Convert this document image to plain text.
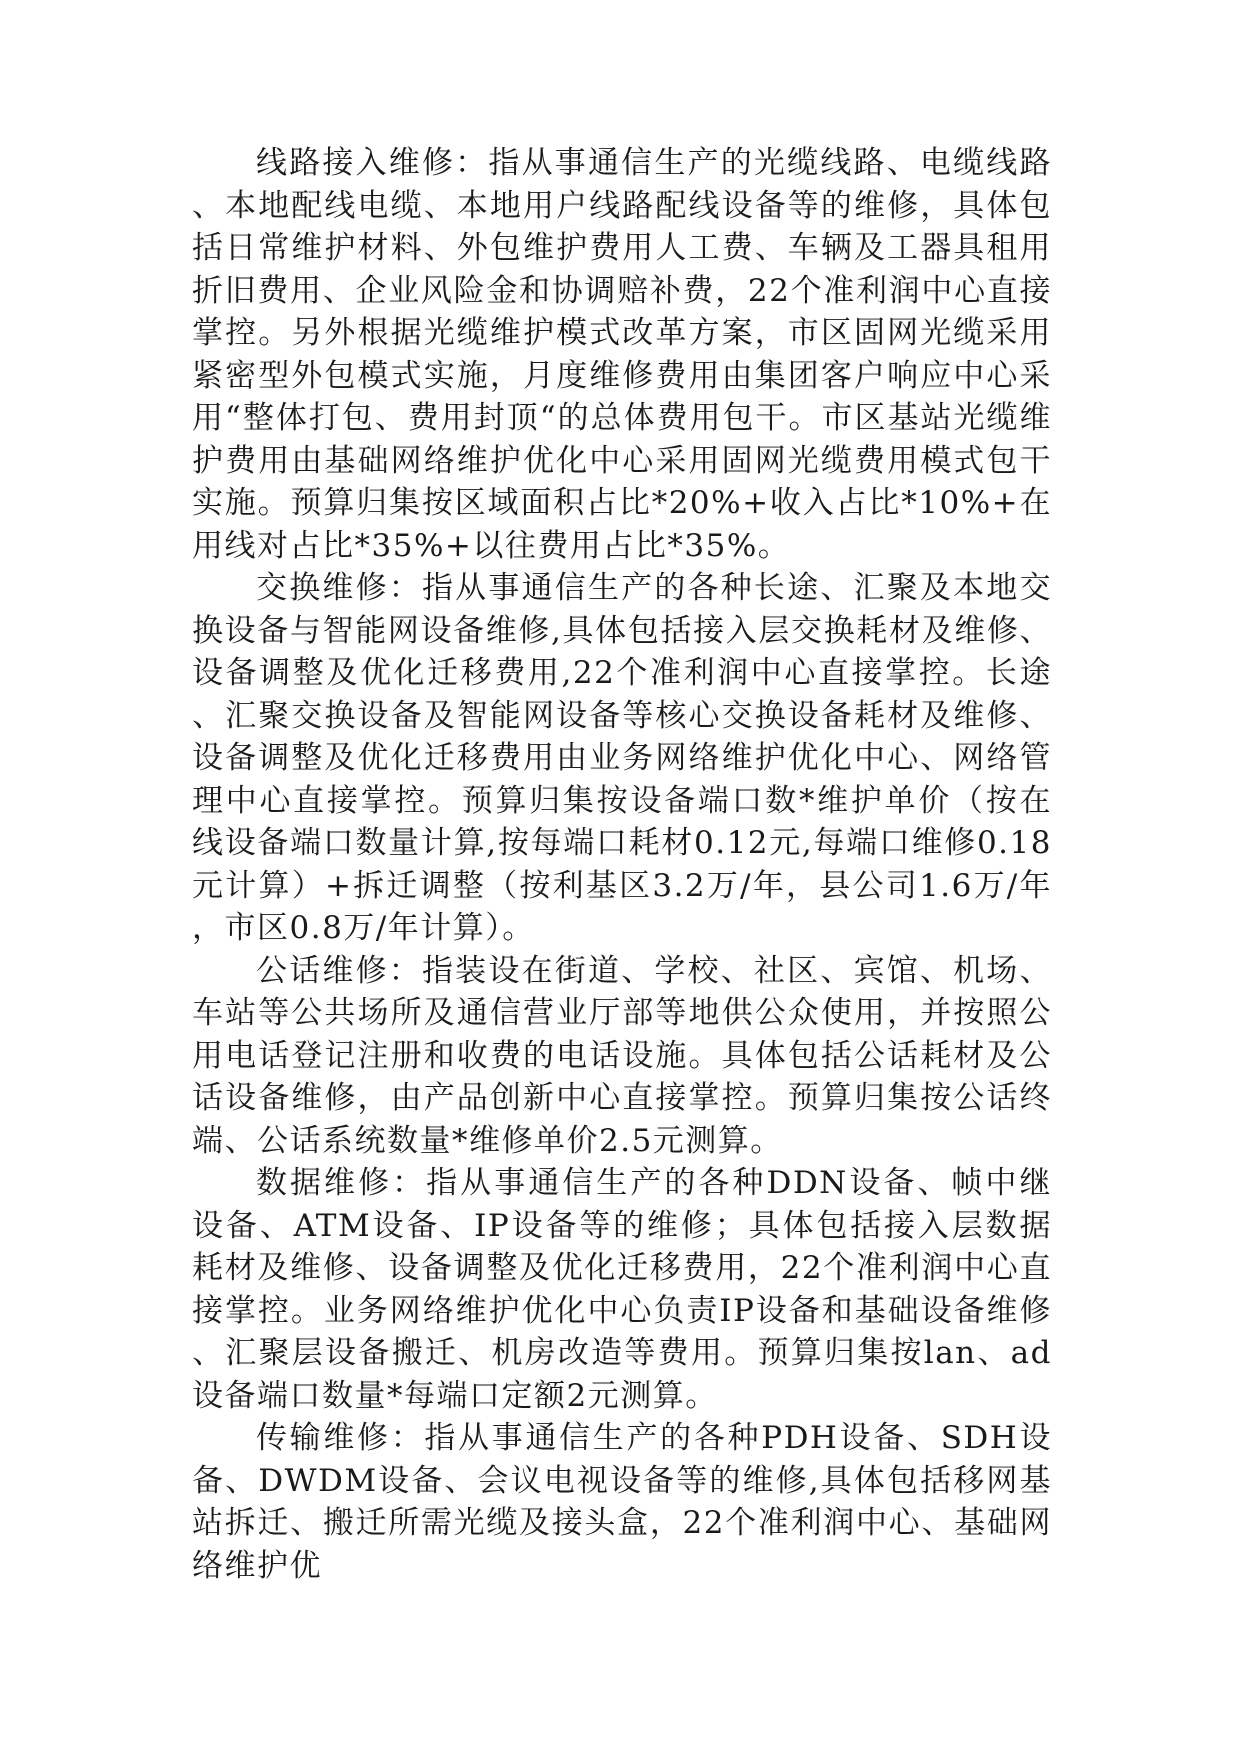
线路接入维修：指从事通信生产的光缆线路、电缆线路、本地配线电缆、本地用户线路配线设备等的维修，具体包括日常维护材料、外包维护费用人工费、车辆及工器具租用折旧费用、企业风险金和协调赔补费，22个准利润中心直接掌控。另外根据光缆维护模式改革方案，市区固网光缆采用紧密型外包模式实施，月度维修费用由集团客户响应中心采用“整体打包、费用封顶“的总体费用包干。市区基站光缆维护费用由基础网络维护优化中心采用固网光缆费用模式包干实施。预算归集按区域面积占比*20%+收入占比*10%+在用线对占比*35%+以往费用占比*35%。

交换维修：指从事通信生产的各种长途、汇聚及本地交换设备与智能网设备维修,具体包括接入层交换耗材及维修、设备调整及优化迁移费用,22个准利润中心直接掌控。长途、汇聚交换设备及智能网设备等核心交换设备耗材及维修、设备调整及优化迁移费用由业务网络维护优化中心、网络管理中心直接掌控。预算归集按设备端口数*维护单价（按在线设备端口数量计算,按每端口耗材0.12元,每端口维修0.18元计算）+拆迁调整（按利基区3.2万/年，县公司1.6万/年，市区0.8万/年计算）。

公话维修：指装设在街道、学校、社区、宾馆、机场、车站等公共场所及通信营业厅部等地供公众使用，并按照公用电话登记注册和收费的电话设施。具体包括公话耗材及公话设备维修，由产品创新中心直接掌控。预算归集按公话终端、公话系统数量*维修单价2.5元测算。

数据维修：指从事通信生产的各种DDN设备、帧中继设备、ATM设备、IP设备等的维修；具体包括接入层数据耗材及维修、设备调整及优化迁移费用，22个准利润中心直接掌控。业务网络维护优化中心负责IP设备和基础设备维修、汇聚层设备搬迁、机房改造等费用。预算归集按lan、ad设备端口数量*每端口定额2元测算。

传输维修：指从事通信生产的各种PDH设备、SDH设备、DWDM设备、会议电视设备等的维修,具体包括移网基站拆迁、搬迁所需光缆及接头盒，22个准利润中心、基础网络维护优
